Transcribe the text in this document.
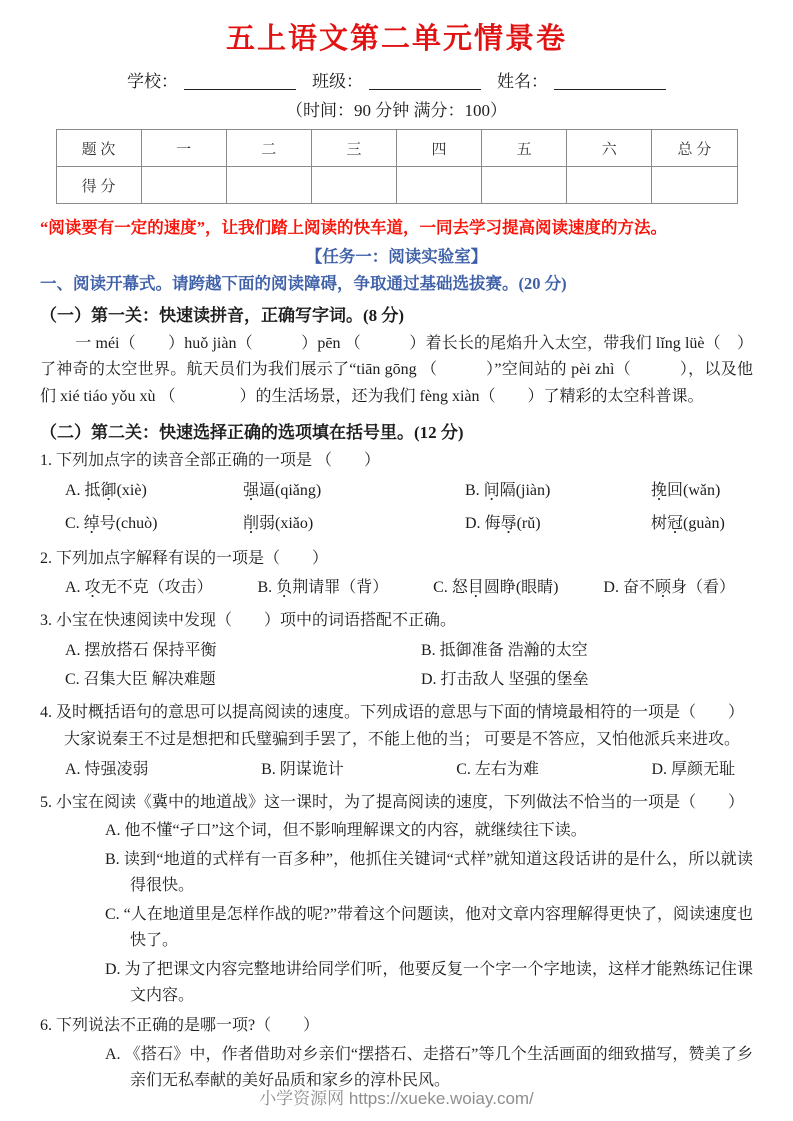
五上语文第二单元情景卷
学校：	班级：	姓名：
（时间：90 分钟 满分：100）
题 次	一	二	三	四	五	六	总 分
得 分							

“阅读要有一定的速度”，让我们踏上阅读的快车道，一同去学习提高阅读速度的方法。

【任务一：阅读实验室】

一、阅读开幕式。请跨越下面的阅读障碍，争取通过基础选拔赛。(20 分)

（一）第一关：快速读拼音，正确写字词。(8 分)

一 méi（　　）huǒ jiàn（　　　）pēn （　　　）着长长的尾焰升入太空，带我们 lǐng lüè（　）了神奇的太空世界。航天员们为我们展示了“tiān gōng （　　　）”空间站的 pèi zhì（　　　），以及他们 xié tiáo yǒu xù （　　　　）的生活场景，还为我们 fèng xiàn（　　）了精彩的太空科普课。

（二）第二关：快速选择正确的选项填在括号里。(12 分)

1. 下列加点字的读音全部正确的一项是 （　　）

A. 抵御(xiè)	强逼(qiǎng)	B. 间隔(jiàn)	挽回(wǎn)
C. 绰号(chuò)	削弱(xiǎo)	D. 侮辱(rǔ)	树冠(guàn)

2. 下列加点字解释有误的一项是（　　）

A. 攻无不克（攻击）	B. 负荆请罪（背）	C. 怒目圆睁(眼睛)	D. 奋不顾身（看）

3. 小宝在快速阅读中发现（　　）项中的词语搭配不正确。

A. 摆放搭石 保持平衡	B. 抵御准备 浩瀚的太空
C. 召集大臣 解决难题	D. 打击敌人 坚强的堡垒

4. 及时概括语句的意思可以提高阅读的速度。下列成语的意思与下面的情境最相符的一项是（　　）

大家说秦王不过是想把和氏璧骗到手罢了，不能上他的当； 可要是不答应，又怕他派兵来进攻。

A. 恃强凌弱	B. 阴谋诡计	C. 左右为难	D. 厚颜无耻

5. 小宝在阅读《冀中的地道战》这一课时，为了提高阅读的速度，下列做法不恰当的一项是（　　）

A. 他不懂“孑口”这个词，但不影响理解课文的内容，就继续往下读。

B. 读到“地道的式样有一百多种”，他抓住关键词“式样”就知道这段话讲的是什么，所以就读得很快。

C. “人在地道里是怎样作战的呢?”带着这个问题读，他对文章内容理解得更快了，阅读速度也快了。

D. 为了把课文内容完整地讲给同学们听，他要反复一个字一个字地读，这样才能熟练记住课文内容。

6. 下列说法不正确的是哪一项?（　　）

A. 《搭石》中，作者借助对乡亲们“摆搭石、走搭石”等几个生活画面的细致描写，赞美了乡亲们无私奉献的美好品质和家乡的淳朴民风。

小学资源网 https://xueke.woiay.com/
